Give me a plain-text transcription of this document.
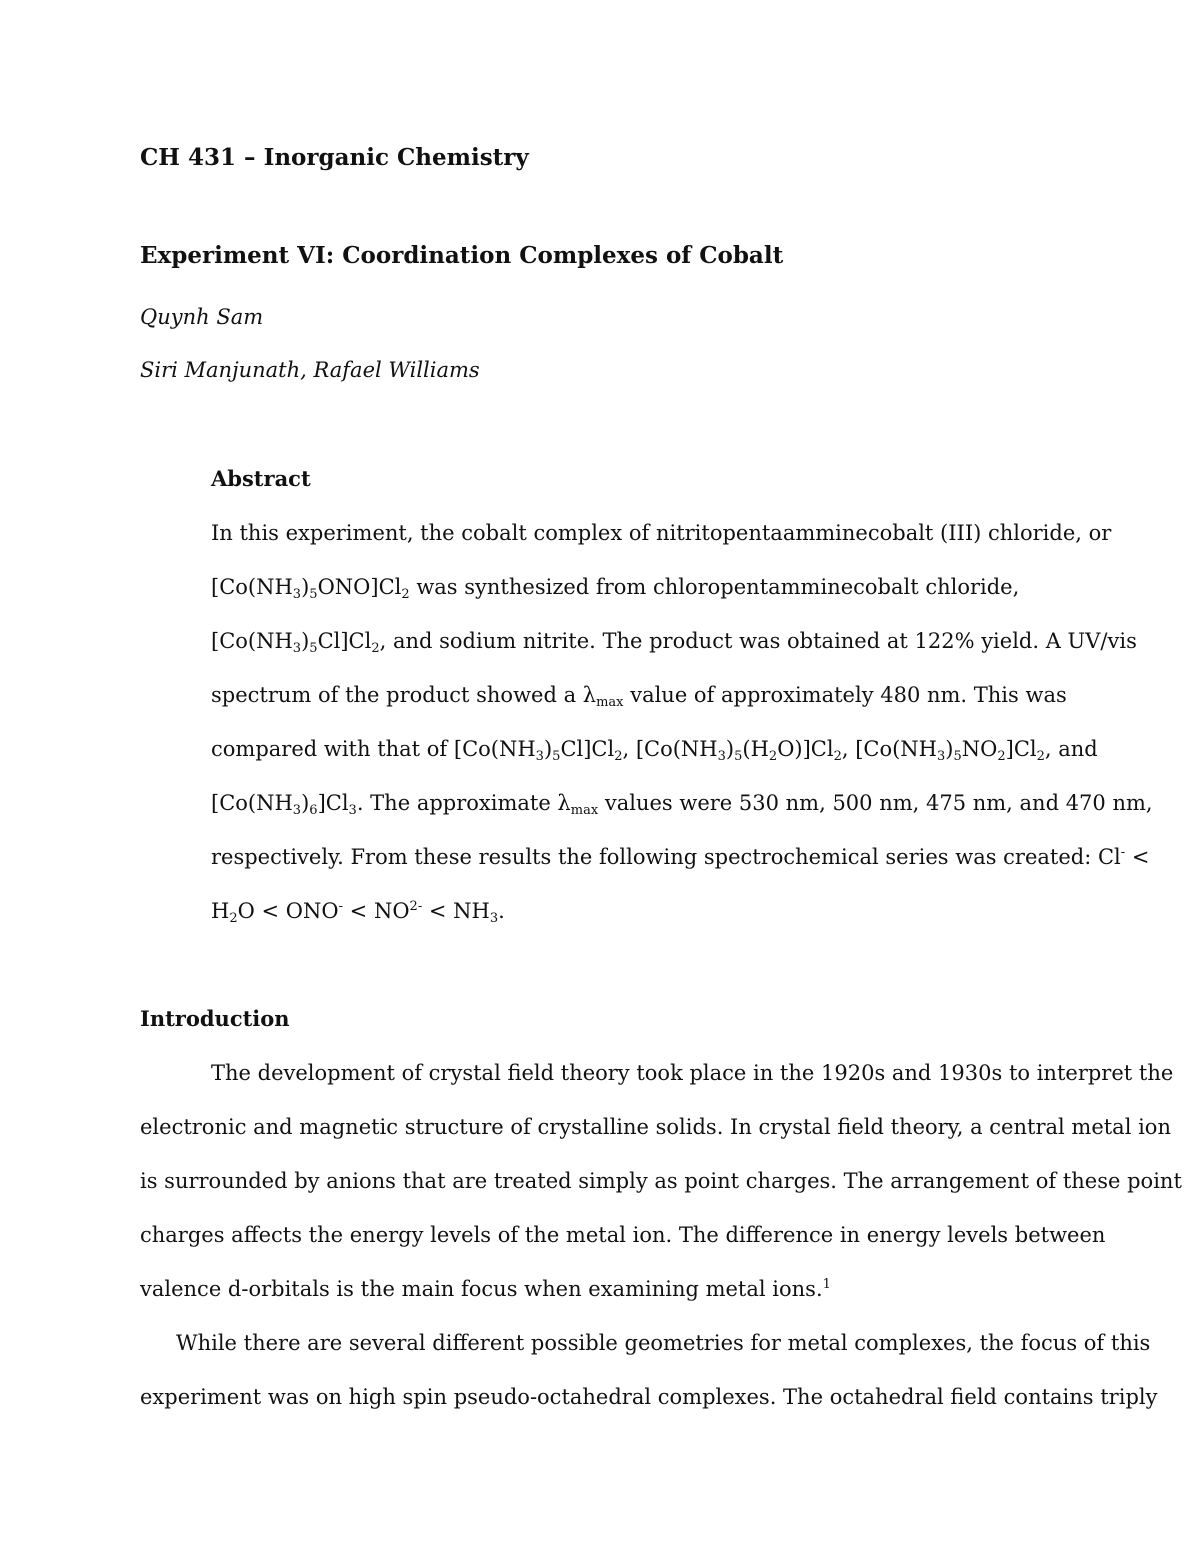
CH 431 – Inorganic Chemistry
Experiment VI: Coordination Complexes of Cobalt
Quynh Sam
Siri Manjunath, Rafael Williams
Abstract
In this experiment, the cobalt complex of nitritopentaamminecobalt (III) chloride, or
$[Co(NH_3)_5ONO]Cl_2$ was synthesized from chloropentamminecobalt chloride,
$[Co(NH_3)_5Cl]Cl_2$, and sodium nitrite. The product was obtained at 122% yield. A UV/vis
spectrum of the product showed a $\lambda_{max}$ value of approximately 480 nm. This was
compared with that of $[Co(NH_3)_5Cl]Cl_2$, $[Co(NH_3)_5(H_2O)]Cl_2$, $[Co(NH_3)_5NO_2]Cl_2$, and
$[Co(NH_3)_6]Cl_3$. The approximate $\lambda_{max}$ values were 530 nm, 500 nm, 475 nm, and 470 nm,
respectively. From these results the following spectrochemical series was created: Cl- <
$H_2O < ONO^- < NO^{2-} < NH_3$.
Introduction
The development of crystal field theory took place in the 1920s and 1930s to interpret the
electronic and magnetic structure of crystalline solids. In crystal field theory, a central metal ion
is surrounded by anions that are treated simply as point charges. The arrangement of these point
charges affects the energy levels of the metal ion. The difference in energy levels between
valence d-orbitals is the main focus when examining metal ions.$^1$
While there are several different possible geometries for metal complexes, the focus of this
experiment was on high spin pseudo-octahedral complexes. The octahedral field contains triply
